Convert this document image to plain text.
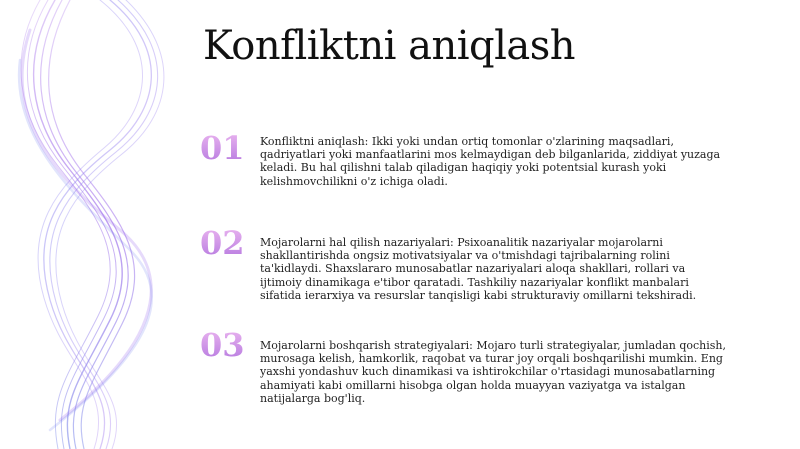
Konfliktni aniqlash
01 Konfliktni aniqlash: Ikki yoki undan ortiq tomonlar o'zlarining maqsadlari, qadriyatlari yoki manfaatlarini mos kelmaydigan deb bilganlarida, ziddiyat yuzaga keladi. Bu hal qilishni talab qiladigan haqiqiy yoki potentsial kurash yoki kelishmovchilikni o'z ichiga oladi.
02 Mojarolarni hal qilish nazariyalari: Psixoanalitik nazariyalar mojarolarni shakllantirishda ongsiz motivatsiyalar va o'tmishdagi tajribalarning rolini ta'kidlaydi. Shaxslararo munosabatlar nazariyalari aloqa shakllari, rollari va ijtimoiy dinamikaga e'tibor qaratadi. Tashkiliy nazariyalar konflikt manbalari sifatida ierarxiya va resurslar tanqisligi kabi strukturaviy omillarni tekshiradi.
03 Mojarolarni boshqarish strategiyalari: Mojaro turli strategiyalar, jumladan qochish, murosaga kelish, hamkorlik, raqobat va turar joy orqali boshqarilishi mumkin. Eng yaxshi yondashuv kuch dinamikasi va ishtirokchilar o'rtasidagi munosabatlarning ahamiyati kabi omillarni hisobga olgan holda muayyan vaziyatga va istalgan natijalarga bog'liq.
